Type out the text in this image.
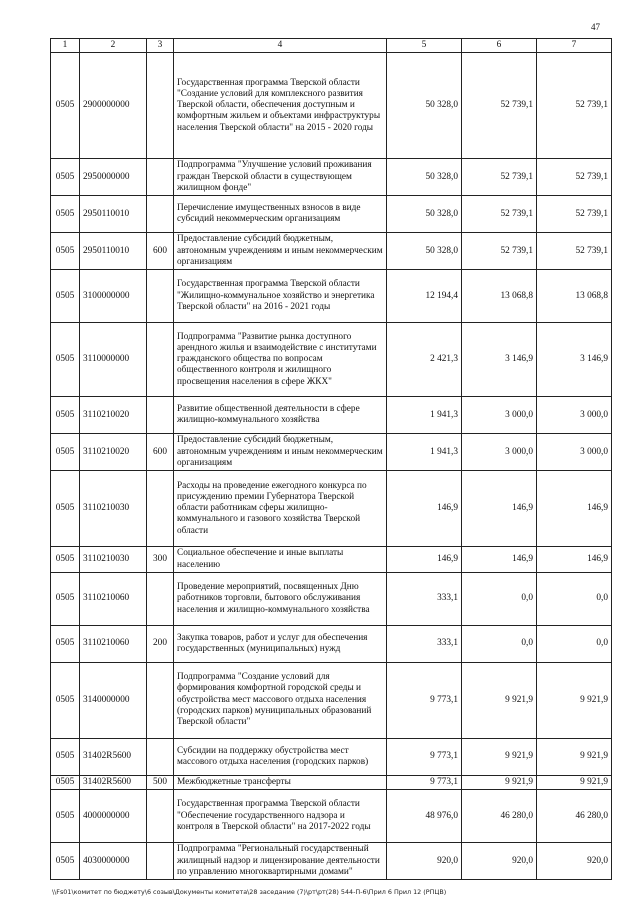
47
1	2	3	4	5	6	7
0505	2900000000		Государственная программа Тверской области "Создание условий для комплексного развития Тверской области, обеспечения доступным и комфортным жильем и объектами инфраструктуры населения Тверской области" на 2015 - 2020 годы	50 328,0	52 739,1	52 739,1
0505	2950000000		Подпрограмма "Улучшение условий проживания граждан Тверской области в существующем жилищном фонде"	50 328,0	52 739,1	52 739,1
0505	2950110010		Перечисление имущественных взносов в виде субсидий некоммерческим организациям	50 328,0	52 739,1	52 739,1
0505	2950110010	600	Предоставление субсидий бюджетным, автономным учреждениям и иным некоммерческим организациям	50 328,0	52 739,1	52 739,1
0505	3100000000		Государственная программа Тверской области "Жилищно-коммунальное хозяйство и энергетика Тверской области" на 2016 - 2021 годы	12 194,4	13 068,8	13 068,8
0505	3110000000		Подпрограмма "Развитие рынка доступного арендного жилья и взаимодействие с институтами гражданского общества по вопросам общественного контроля и жилищного просвещения населения в сфере ЖКХ"	2 421,3	3 146,9	3 146,9
0505	3110210020		Развитие общественной деятельности в сфере жилищно-коммунального хозяйства	1 941,3	3 000,0	3 000,0
0505	3110210020	600	Предоставление субсидий бюджетным, автономным учреждениям и иным некоммерческим организациям	1 941,3	3 000,0	3 000,0
0505	3110210030		Расходы на проведение ежегодного конкурса по присуждению премии Губернатора Тверской области работникам сферы жилищно-коммунального и газового хозяйства Тверской области	146,9	146,9	146,9
0505	3110210030	300	Социальное обеспечение и иные выплаты населению	146,9	146,9	146,9
0505	3110210060		Проведение мероприятий, посвященных Дню работников торговли, бытового обслуживания населения и жилищно-коммунального хозяйства	333,1	0,0	0,0
0505	3110210060	200	Закупка товаров, работ и услуг для обеспечения государственных (муниципальных) нужд	333,1	0,0	0,0
0505	3140000000		Подпрограмма "Создание условий для формирования комфортной городской среды и обустройства мест массового отдыха населения (городских парков) муниципальных образований Тверской области"	9 773,1	9 921,9	9 921,9
0505	31402R5600		Субсидии на поддержку обустройства мест массового отдыха населения (городских парков)	9 773,1	9 921,9	9 921,9
0505	31402R5600	500	Межбюджетные трансферты	9 773,1	9 921,9	9 921,9
0505	4000000000		Государственная программа Тверской области "Обеспечение государственного надзора и контроля в Тверской области" на 2017-2022 годы	48 976,0	46 280,0	46 280,0
0505	4030000000		Подпрограмма "Региональный государственный жилищный надзор и лицензирование деятельности по управлению многоквартирными домами"	920,0	920,0	920,0
\\Fs01\комитет по бюджету\6 созыв\Документы комитета\28 заседание (7)\рт\рт(28) 544-П-6\Прил 6 Прил 12 (РПЦВ)
